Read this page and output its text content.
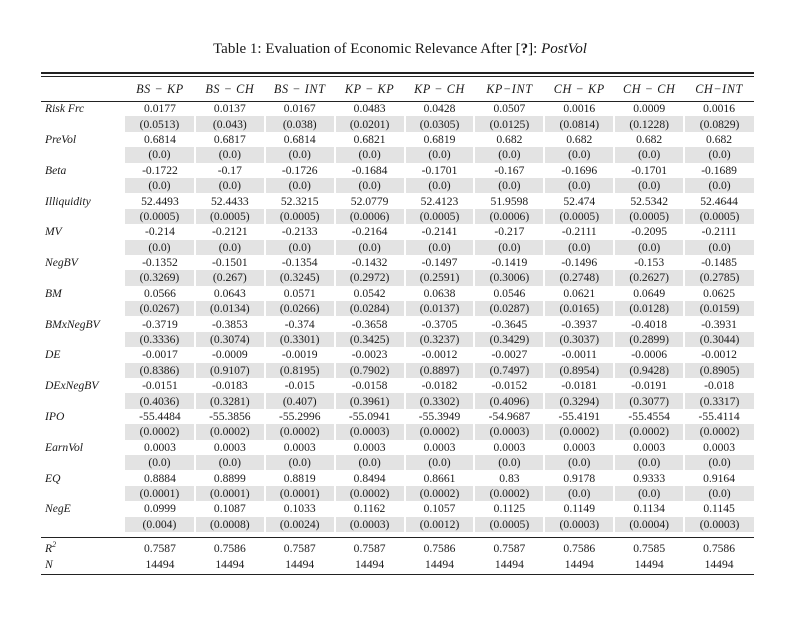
Table 1: Evaluation of Economic Relevance After [?]: PostVol
	BS − KP	BS − CH	BS − INT	KP − KP	KP − CH	KP−INT	CH − KP	CH − CH	CH−INT
Risk Frc	0.0177	0.0137	0.0167	0.0483	0.0428	0.0507	0.0016	0.0009	0.0016
	(0.0513)	(0.043)	(0.038)	(0.0201)	(0.0305)	(0.0125)	(0.0814)	(0.1228)	(0.0829)
PreVol	0.6814	0.6817	0.6814	0.6821	0.6819	0.682	0.682	0.682	0.682
	(0.0)	(0.0)	(0.0)	(0.0)	(0.0)	(0.0)	(0.0)	(0.0)	(0.0)
Beta	-0.1722	-0.17	-0.1726	-0.1684	-0.1701	-0.167	-0.1696	-0.1701	-0.1689
	(0.0)	(0.0)	(0.0)	(0.0)	(0.0)	(0.0)	(0.0)	(0.0)	(0.0)
Illiquidity	52.4493	52.4433	52.3215	52.0779	52.4123	51.9598	52.474	52.5342	52.4644
	(0.0005)	(0.0005)	(0.0005)	(0.0006)	(0.0005)	(0.0006)	(0.0005)	(0.0005)	(0.0005)
MV	-0.214	-0.2121	-0.2133	-0.2164	-0.2141	-0.217	-0.2111	-0.2095	-0.2111
	(0.0)	(0.0)	(0.0)	(0.0)	(0.0)	(0.0)	(0.0)	(0.0)	(0.0)
NegBV	-0.1352	-0.1501	-0.1354	-0.1432	-0.1497	-0.1419	-0.1496	-0.153	-0.1485
	(0.3269)	(0.267)	(0.3245)	(0.2972)	(0.2591)	(0.3006)	(0.2748)	(0.2627)	(0.2785)
BM	0.0566	0.0643	0.0571	0.0542	0.0638	0.0546	0.0621	0.0649	0.0625
	(0.0267)	(0.0134)	(0.0266)	(0.0284)	(0.0137)	(0.0287)	(0.0165)	(0.0128)	(0.0159)
BMxNegBV	-0.3719	-0.3853	-0.374	-0.3658	-0.3705	-0.3645	-0.3937	-0.4018	-0.3931
	(0.3336)	(0.3074)	(0.3301)	(0.3425)	(0.3237)	(0.3429)	(0.3037)	(0.2899)	(0.3044)
DE	-0.0017	-0.0009	-0.0019	-0.0023	-0.0012	-0.0027	-0.0011	-0.0006	-0.0012
	(0.8386)	(0.9107)	(0.8195)	(0.7902)	(0.8897)	(0.7497)	(0.8954)	(0.9428)	(0.8905)
DExNegBV	-0.0151	-0.0183	-0.015	-0.0158	-0.0182	-0.0152	-0.0181	-0.0191	-0.018
	(0.4036)	(0.3281)	(0.407)	(0.3961)	(0.3302)	(0.4096)	(0.3294)	(0.3077)	(0.3317)
IPO	-55.4484	-55.3856	-55.2996	-55.0941	-55.3949	-54.9687	-55.4191	-55.4554	-55.4114
	(0.0002)	(0.0002)	(0.0002)	(0.0003)	(0.0002)	(0.0003)	(0.0002)	(0.0002)	(0.0002)
EarnVol	0.0003	0.0003	0.0003	0.0003	0.0003	0.0003	0.0003	0.0003	0.0003
	(0.0)	(0.0)	(0.0)	(0.0)	(0.0)	(0.0)	(0.0)	(0.0)	(0.0)
EQ	0.8884	0.8899	0.8819	0.8494	0.8661	0.83	0.9178	0.9333	0.9164
	(0.0001)	(0.0001)	(0.0001)	(0.0002)	(0.0002)	(0.0002)	(0.0)	(0.0)	(0.0)
NegE	0.0999	0.1087	0.1033	0.1162	0.1057	0.1125	0.1149	0.1134	0.1145
	(0.004)	(0.0008)	(0.0024)	(0.0003)	(0.0012)	(0.0005)	(0.0003)	(0.0004)	(0.0003)

$R^2$	0.7587	0.7586	0.7587	0.7587	0.7586	0.7587	0.7586	0.7585	0.7586
N	14494	14494	14494	14494	14494	14494	14494	14494	14494
